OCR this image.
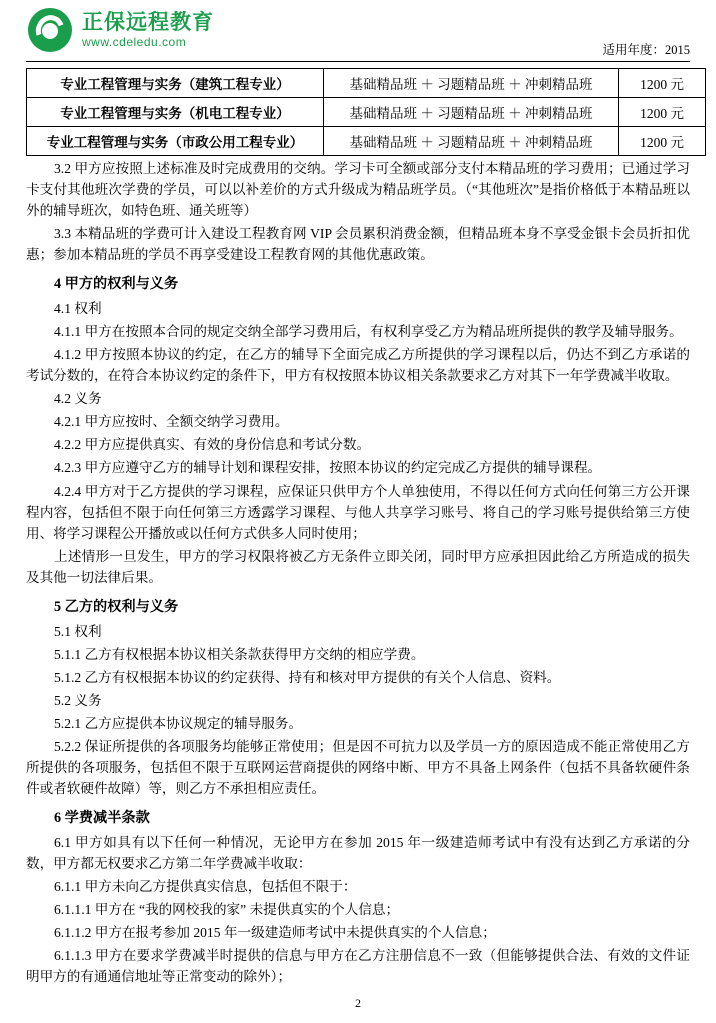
正保远程教育
www.cdeledu.com
适用年度：2015
专业工程管理与实务（建筑工程专业）	基础精品班 ＋ 习题精品班 ＋ 冲刺精品班	1200 元
专业工程管理与实务（机电工程专业）	基础精品班 ＋ 习题精品班 ＋ 冲刺精品班	1200 元
专业工程管理与实务（市政公用工程专业）	基础精品班 ＋ 习题精品班 ＋ 冲刺精品班	1200 元

3.2 甲方应按照上述标准及时完成费用的交纳。学习卡可全额或部分支付本精品班的学习费用；已通过学习卡支付其他班次学费的学员，可以以补差价的方式升级成为精品班学员。（“其他班次”是指价格低于本精品班以外的辅导班次，如特色班、通关班等）

3.3 本精品班的学费可计入建设工程教育网 VIP 会员累积消费金额，但精品班本身不享受金银卡会员折扣优惠；参加本精品班的学员不再享受建设工程教育网的其他优惠政策。

4 甲方的权利与义务

4.1 权利

4.1.1 甲方在按照本合同的规定交纳全部学习费用后，有权利享受乙方为精品班所提供的教学及辅导服务。

4.1.2 甲方按照本协议的约定，在乙方的辅导下全面完成乙方所提供的学习课程以后，仍达不到乙方承诺的考试分数的，在符合本协议约定的条件下，甲方有权按照本协议相关条款要求乙方对其下一年学费减半收取。

4.2 义务

4.2.1 甲方应按时、全额交纳学习费用。

4.2.2 甲方应提供真实、有效的身份信息和考试分数。

4.2.3 甲方应遵守乙方的辅导计划和课程安排，按照本协议的约定完成乙方提供的辅导课程。

4.2.4 甲方对于乙方提供的学习课程，应保证只供甲方个人单独使用，不得以任何方式向任何第三方公开课程内容，包括但不限于向任何第三方透露学习课程、与他人共享学习账号、将自己的学习账号提供给第三方使用、将学习课程公开播放或以任何方式供多人同时使用；

上述情形一旦发生，甲方的学习权限将被乙方无条件立即关闭，同时甲方应承担因此给乙方所造成的损失及其他一切法律后果。

5 乙方的权利与义务

5.1 权利

5.1.1 乙方有权根据本协议相关条款获得甲方交纳的相应学费。

5.1.2 乙方有权根据本协议的约定获得、持有和核对甲方提供的有关个人信息、资料。

5.2 义务

5.2.1 乙方应提供本协议规定的辅导服务。

5.2.2 保证所提供的各项服务均能够正常使用；但是因不可抗力以及学员一方的原因造成不能正常使用乙方所提供的各项服务，包括但不限于互联网运营商提供的网络中断、甲方不具备上网条件（包括不具备软硬件条件或者软硬件故障）等，则乙方不承担相应责任。

6 学费减半条款

6.1 甲方如具有以下任何一种情况，无论甲方在参加 2015 年一级建造师考试中有没有达到乙方承诺的分数，甲方都无权要求乙方第二年学费减半收取：

6.1.1 甲方未向乙方提供真实信息，包括但不限于：

6.1.1.1 甲方在 “我的网校我的家” 未提供真实的个人信息；

6.1.1.2 甲方在报考参加 2015 年一级建造师考试中未提供真实的个人信息；

6.1.1.3 甲方在要求学费减半时提供的信息与甲方在乙方注册信息不一致（但能够提供合法、有效的文件证明甲方的有通通信地址等正常变动的除外）；

2
